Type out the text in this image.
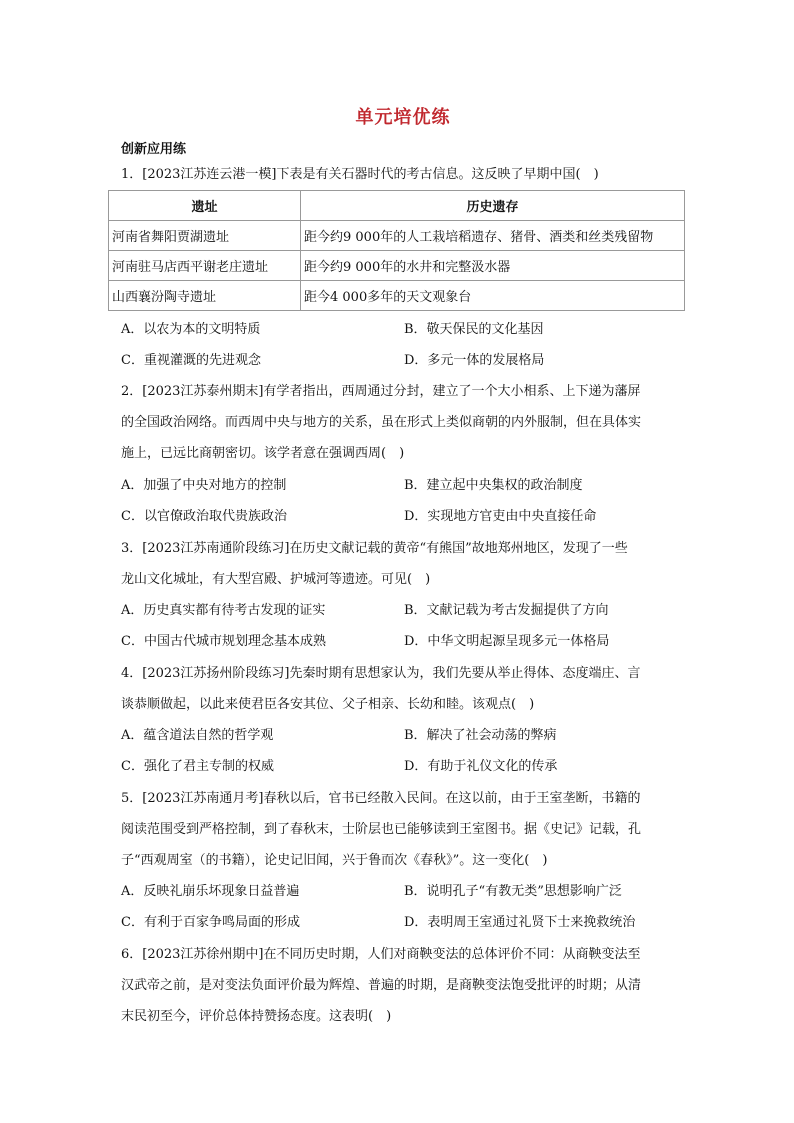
单元培优练
创新应用练
1．[2023江苏连云港一模]下表是有关石器时代的考古信息。这反映了早期中国(　)
遗址	历史遗存
河南省舞阳贾湖遗址	距今约9 000年的人工栽培稻遗存、猪骨、酒类和丝类残留物
河南驻马店西平谢老庄遗址	距今约9 000年的水井和完整汲水器
山西襄汾陶寺遗址	距今4 000多年的天文观象台
A．以农为本的文明特质	B．敬天保民的文化基因
C．重视灌溉的先进观念	D．多元一体的发展格局
2．[2023江苏泰州期末]有学者指出，西周通过分封，建立了一个大小相系、上下递为藩屏
的全国政治网络。而西周中央与地方的关系，虽在形式上类似商朝的内外服制，但在具体实
施上，已远比商朝密切。该学者意在强调西周(　)
A．加强了中央对地方的控制	B．建立起中央集权的政治制度
C．以官僚政治取代贵族政治	D．实现地方官吏由中央直接任命
3．[2023江苏南通阶段练习]在历史文献记载的黄帝“有熊国”故地郑州地区，发现了一些
龙山文化城址，有大型宫殿、护城河等遗迹。可见(　)
A．历史真实都有待考古发现的证实	B．文献记载为考古发掘提供了方向
C．中国古代城市规划理念基本成熟	D．中华文明起源呈现多元一体格局
4．[2023江苏扬州阶段练习]先秦时期有思想家认为，我们先要从举止得体、态度端庄、言
谈恭顺做起，以此来使君臣各安其位、父子相亲、长幼和睦。该观点(　)
A．蕴含道法自然的哲学观	B．解决了社会动荡的弊病
C．强化了君主专制的权威	D．有助于礼仪文化的传承
5．[2023江苏南通月考]春秋以后，官书已经散入民间。在这以前，由于王室垄断，书籍的
阅读范围受到严格控制，到了春秋末，士阶层也已能够读到王室图书。据《史记》记载，孔
子“西观周室（的书籍），论史记旧闻，兴于鲁而次《春秋》”。这一变化(　)
A．反映礼崩乐坏现象日益普遍	B．说明孔子“有教无类”思想影响广泛
C．有利于百家争鸣局面的形成	D．表明周王室通过礼贤下士来挽救统治
6．[2023江苏徐州期中]在不同历史时期，人们对商鞅变法的总体评价不同：从商鞅变法至
汉武帝之前，是对变法负面评价最为辉煌、普遍的时期，是商鞅变法饱受批评的时期；从清
末民初至今，评价总体持赞扬态度。这表明(　)
